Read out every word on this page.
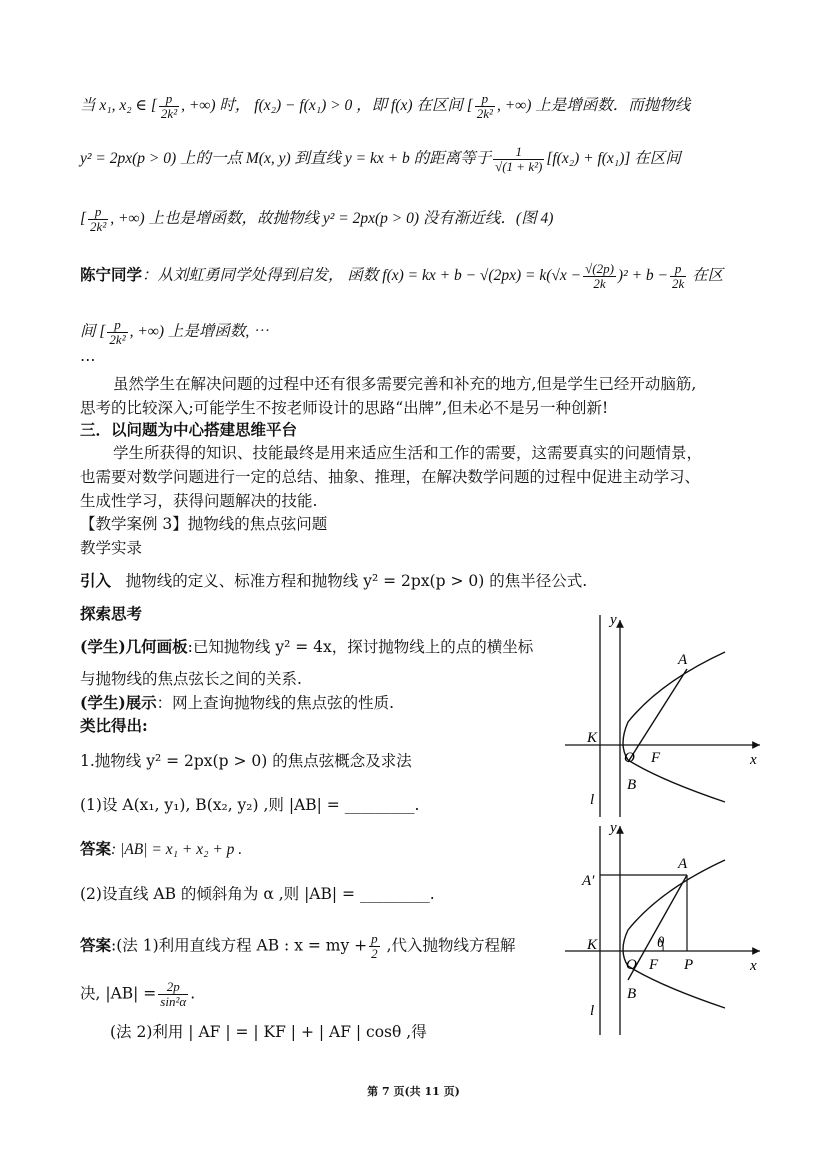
当 x₁, x₂ ∈ [ $\frac{p}{\text{2k²}}$ , +∞) 时， f(x₂) − f(x₁) > 0 ，即 f(x) 在区间 [ $\frac{p}{\text{2k²}}$ , +∞) 上是增函数．而抛物线
y² = 2px(p > 0) 上的一点 M(x, y) 到直线 y = kx + b 的距离等于 $\frac{1}{\text{√(1 + k²)}} [f(x_2) + f(x_1)]$ 在区间
[ $\frac{p}{\text{2k²}}$ , +∞) 上也是增函数，故抛物线 y² = 2px(p > 0) 没有渐近线．(图 4)
陈宁同学：从刘虹勇同学处得到启发， 函数 f(x) = kx + $b - √(2px) = k(√x - \frac{√(2p)}{2k} )^2 + b - \frac{p}{2k}$ 在区
间 [ $\frac{p}{\text{2k²}}$ , +∞) 上是增函数, ⋯
⋯
虽然学生在解决问题的过程中还有很多需要完善和补充的地方,但是学生已经开动脑筋,
思考的比较深入;可能学生不按老师设计的思路“出牌”,但未必不是另一种创新!
三．以问题为中心搭建思维平台
学生所获得的知识、技能最终是用来适应生活和工作的需要，这需要真实的问题情景，
也需要对数学问题进行一定的总结、抽象、推理，在解决数学问题的过程中促进主动学习、
生成性学习，获得问题解决的技能.
【教学案例 3】抛物线的焦点弦问题
教学实录
引入 抛物线的定义、标准方程和抛物线 y² = 2px(p > 0) 的焦半径公式.
探索思考
(学生)几何画板:已知抛物线 y² = 4x，探讨抛物线上的点的横坐标
与抛物线的焦点弦长之间的关系.
(学生)展示：网上查询抛物线的焦点弦的性质.
类比得出:
1.抛物线 y² = 2px(p > 0) 的焦点弦概念及求法
(1)设 A(x₁, y₁), B(x₂, y₂) ,则 |AB| = _________.
答案: |AB| = x₁ + x₂ + p .
(2)设直线 AB 的倾斜角为 α ,则 |AB| = _________.
答案:(法 1)利用直线方程 AB : x = my + $\frac{p}{2}$ ,代入抛物线方程解
决, $|AB| = \frac{2p}{\text{sin²α}}$ .
(法 2)利用 | AF | = | KF | + | AF | cosθ ,得
y
x
A
K
O F
B
l
y
x
A
A′
K
O F
θ
P
B
l
第 7 页(共 11 页)
